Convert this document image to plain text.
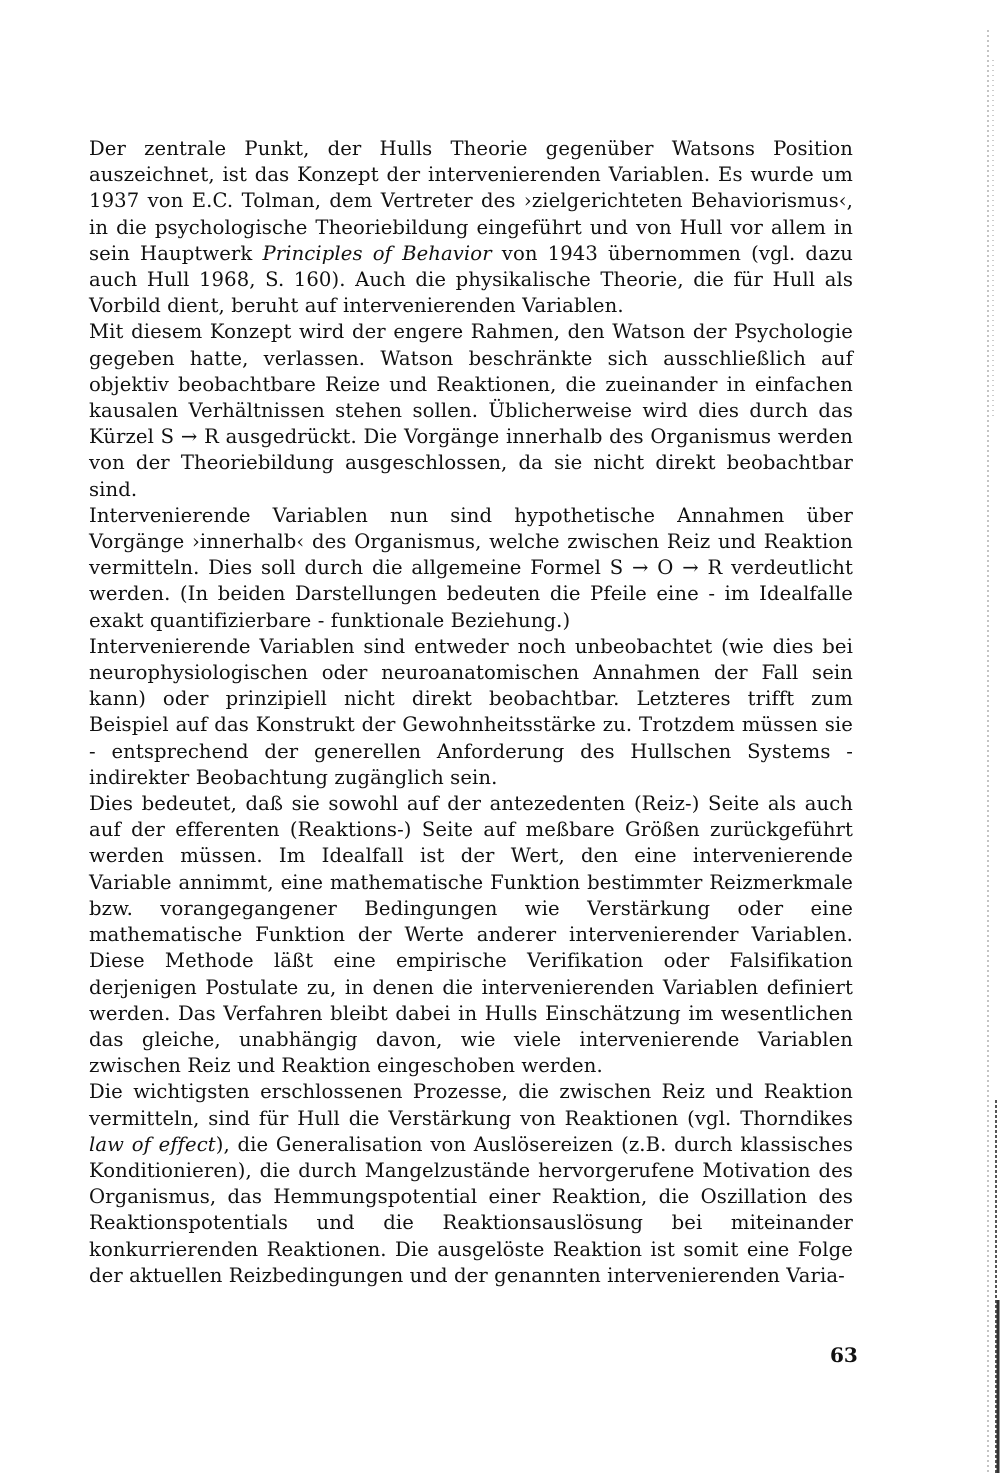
Der zentrale Punkt, der Hulls Theorie gegenüber Watsons Position auszeichnet, ist das Konzept der intervenierenden Variablen. Es wurde um 1937 von E.C. Tolman, dem Vertreter des ›zielgerichteten Behaviorismus‹, in die psychologische Theoriebildung eingeführt und von Hull vor allem in sein Hauptwerk Principles of Behavior von 1943 übernommen (vgl. dazu auch Hull 1968, S. 160). Auch die physikalische Theorie, die für Hull als Vorbild dient, beruht auf intervenierenden Variablen.

Mit diesem Konzept wird der engere Rahmen, den Watson der Psychologie gegeben hatte, verlassen. Watson beschränkte sich ausschließlich auf objektiv beobachtbare Reize und Reaktionen, die zueinander in einfachen kausalen Verhältnissen stehen sollen. Üblicherweise wird dies durch das Kürzel S → R ausgedrückt. Die Vorgänge innerhalb des Organismus werden von der Theoriebildung ausgeschlossen, da sie nicht direkt beobachtbar sind.

Intervenierende Variablen nun sind hypothetische Annahmen über Vorgänge ›innerhalb‹ des Organismus, welche zwischen Reiz und Reaktion vermitteln. Dies soll durch die allgemeine Formel S → O → R verdeutlicht werden. (In beiden Darstellungen bedeuten die Pfeile eine - im Idealfalle exakt quantifizierbare - funktionale Beziehung.)

Intervenierende Variablen sind entweder noch unbeobachtet (wie dies bei neurophysiologischen oder neuroanatomischen Annahmen der Fall sein kann) oder prinzipiell nicht direkt beobachtbar. Letzteres trifft zum Beispiel auf das Konstrukt der Gewohnheitsstärke zu. Trotzdem müssen sie - entsprechend der generellen Anforderung des Hullschen Systems - indirekter Beobachtung zugänglich sein.

Dies bedeutet, daß sie sowohl auf der antezedenten (Reiz-) Seite als auch auf der efferenten (Reaktions-) Seite auf meßbare Größen zurückgeführt werden müssen. Im Idealfall ist der Wert, den eine intervenierende Variable annimmt, eine mathematische Funktion bestimmter Reizmerkmale bzw. vorangegangener Bedingungen wie Verstärkung oder eine mathematische Funktion der Werte anderer intervenierender Variablen. Diese Methode läßt eine empirische Verifikation oder Falsifikation derjenigen Postulate zu, in denen die intervenierenden Variablen definiert werden. Das Verfahren bleibt dabei in Hulls Einschätzung im wesentlichen das gleiche, unabhängig davon, wie viele intervenierende Variablen zwischen Reiz und Reaktion eingeschoben werden.

Die wichtigsten erschlossenen Prozesse, die zwischen Reiz und Reaktion vermitteln, sind für Hull die Verstärkung von Reaktionen (vgl. Thorndikes law of effect), die Generalisation von Auslösereizen (z.B. durch klassisches Konditionieren), die durch Mangelzustände hervorgerufene Motivation des Organismus, das Hemmungspotential einer Reaktion, die Oszillation des Reaktionspotentials und die Reaktionsauslösung bei miteinander konkurrierenden Reaktionen. Die ausgelöste Reaktion ist somit eine Folge der aktuellen Reizbedingungen und der genannten intervenierenden Varia-

63
